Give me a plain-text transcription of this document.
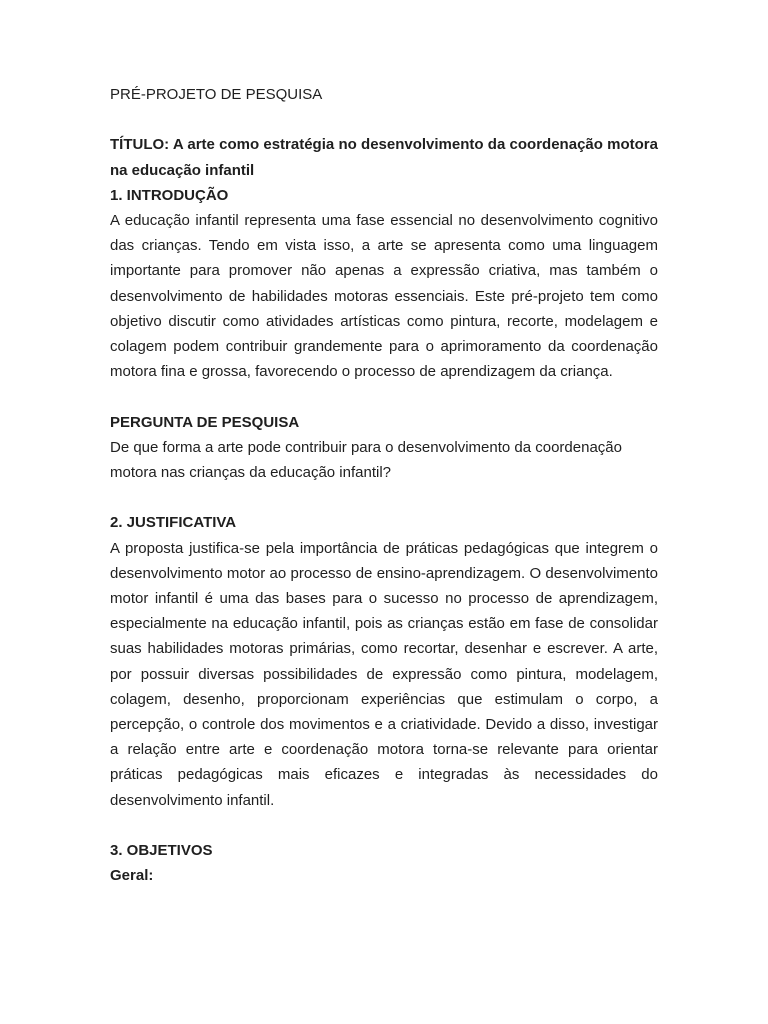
PRÉ-PROJETO DE PESQUISA

TÍTULO: A arte como estratégia no desenvolvimento da coordenação motora na educação infantil

1. INTRODUÇÃO

A educação infantil representa uma fase essencial no desenvolvimento cognitivo das crianças. Tendo em vista isso, a arte se apresenta como uma linguagem importante para promover não apenas a expressão criativa, mas também o desenvolvimento de habilidades motoras essenciais. Este pré-projeto tem como objetivo discutir como atividades artísticas como pintura, recorte, modelagem e colagem podem contribuir grandemente para o aprimoramento da coordenação motora fina e grossa, favorecendo o processo de aprendizagem da criança.

PERGUNTA DE PESQUISA

De que forma a arte pode contribuir para o desenvolvimento da coordenação motora nas crianças da educação infantil?

2. JUSTIFICATIVA

A proposta justifica-se pela importância de práticas pedagógicas que integrem o desenvolvimento motor ao processo de ensino-aprendizagem. O desenvolvimento motor infantil é uma das bases para o sucesso no processo de aprendizagem, especialmente na educação infantil, pois as crianças estão em fase de consolidar suas habilidades motoras primárias, como recortar, desenhar e escrever. A arte, por possuir diversas possibilidades de expressão como pintura, modelagem, colagem, desenho, proporcionam experiências que estimulam o corpo, a percepção, o controle dos movimentos e a criatividade. Devido a disso, investigar a relação entre arte e coordenação motora torna-se relevante para orientar práticas pedagógicas mais eficazes e integradas às necessidades do desenvolvimento infantil.

3. OBJETIVOS

Geral:
